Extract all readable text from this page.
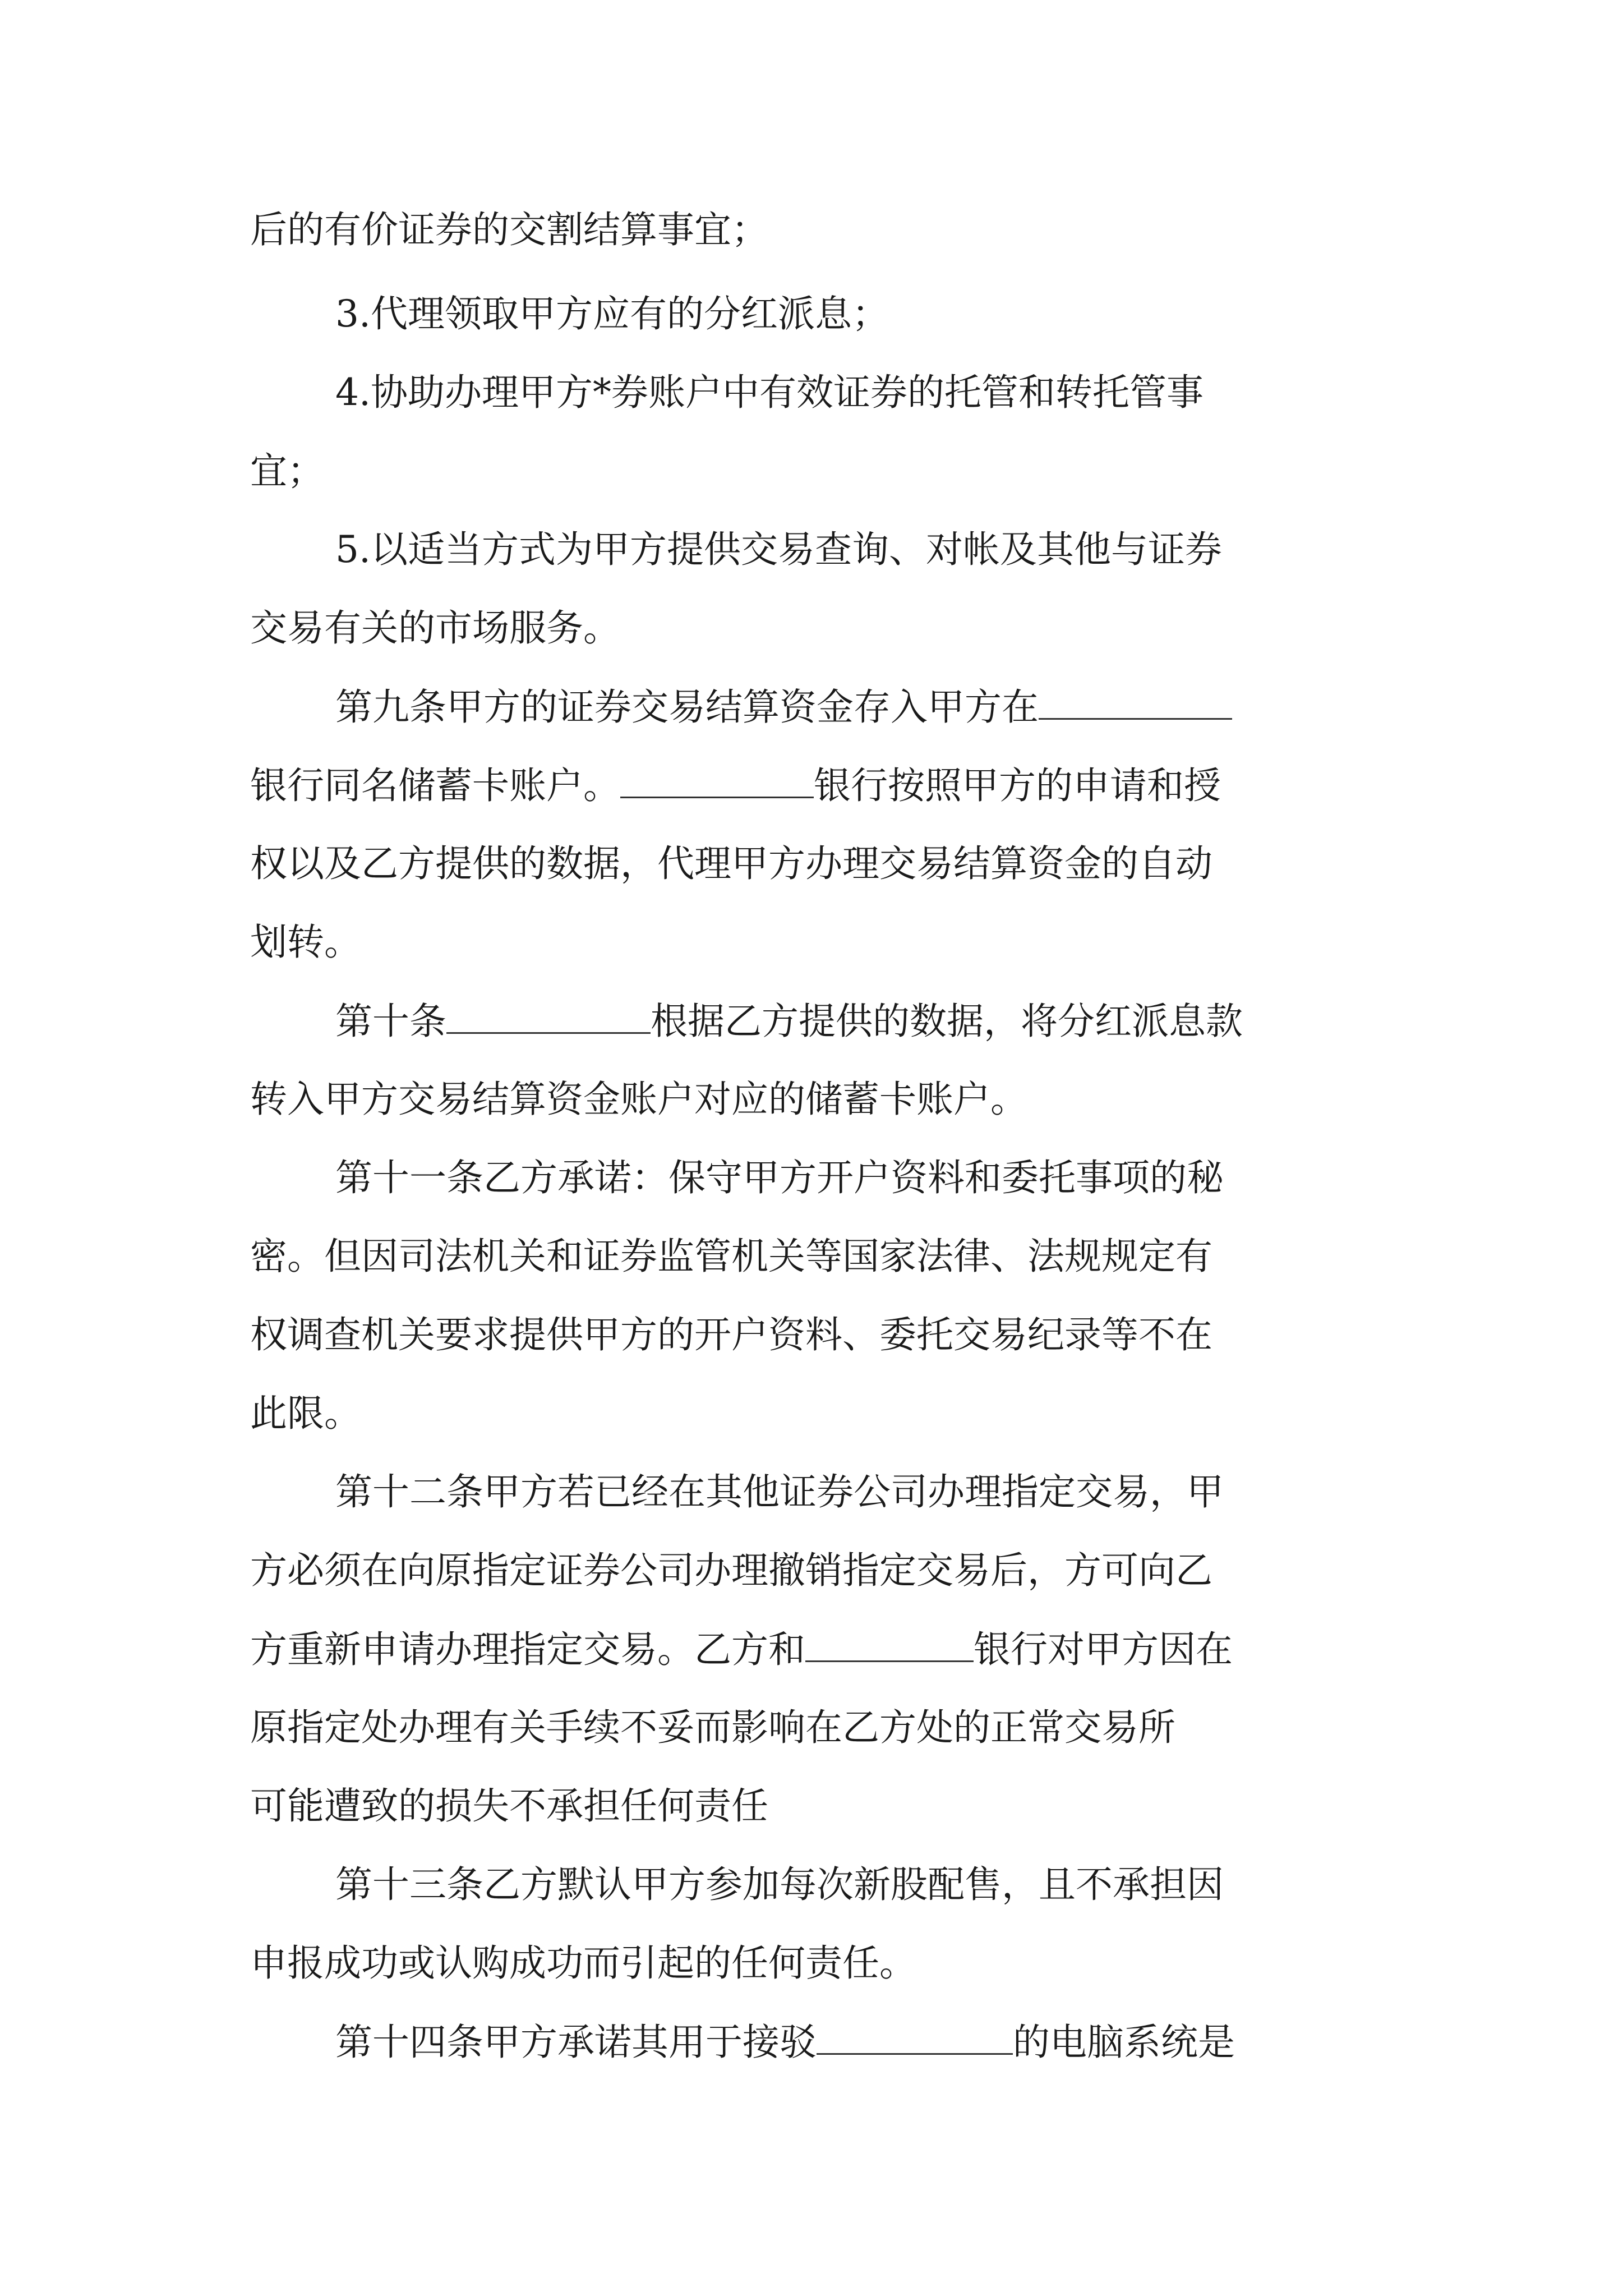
后的有价证券的交割结算事宜；
3.代理领取甲方应有的分红派息；
4.协助办理甲方*券账户中有效证券的托管和转托管事
宜；
5.以适当方式为甲方提供交易查询、对帐及其他与证券
交易有关的市场服务。
第九条甲方的证券交易结算资金存入甲方在
银行同名储蓄卡账户。	银行按照甲方的申请和授
权以及乙方提供的数据，代理甲方办理交易结算资金的自动
划转。
第十条	根据乙方提供的数据，将分红派息款
转入甲方交易结算资金账户对应的储蓄卡账户。
第十一条乙方承诺：保守甲方开户资料和委托事项的秘
密。但因司法机关和证券监管机关等国家法律、法规规定有
权调查机关要求提供甲方的开户资料、委托交易纪录等不在
此限。
第十二条甲方若已经在其他证券公司办理指定交易，甲
方必须在向原指定证券公司办理撤销指定交易后，方可向乙
方重新申请办理指定交易。乙方和	银行对甲方因在
原指定处办理有关手续不妥而影响在乙方处的正常交易所
可能遭致的损失不承担任何责任
第十三条乙方默认甲方参加每次新股配售，且不承担因
申报成功或认购成功而引起的任何责任。
第十四条甲方承诺其用于接驳	的电脑系统是
